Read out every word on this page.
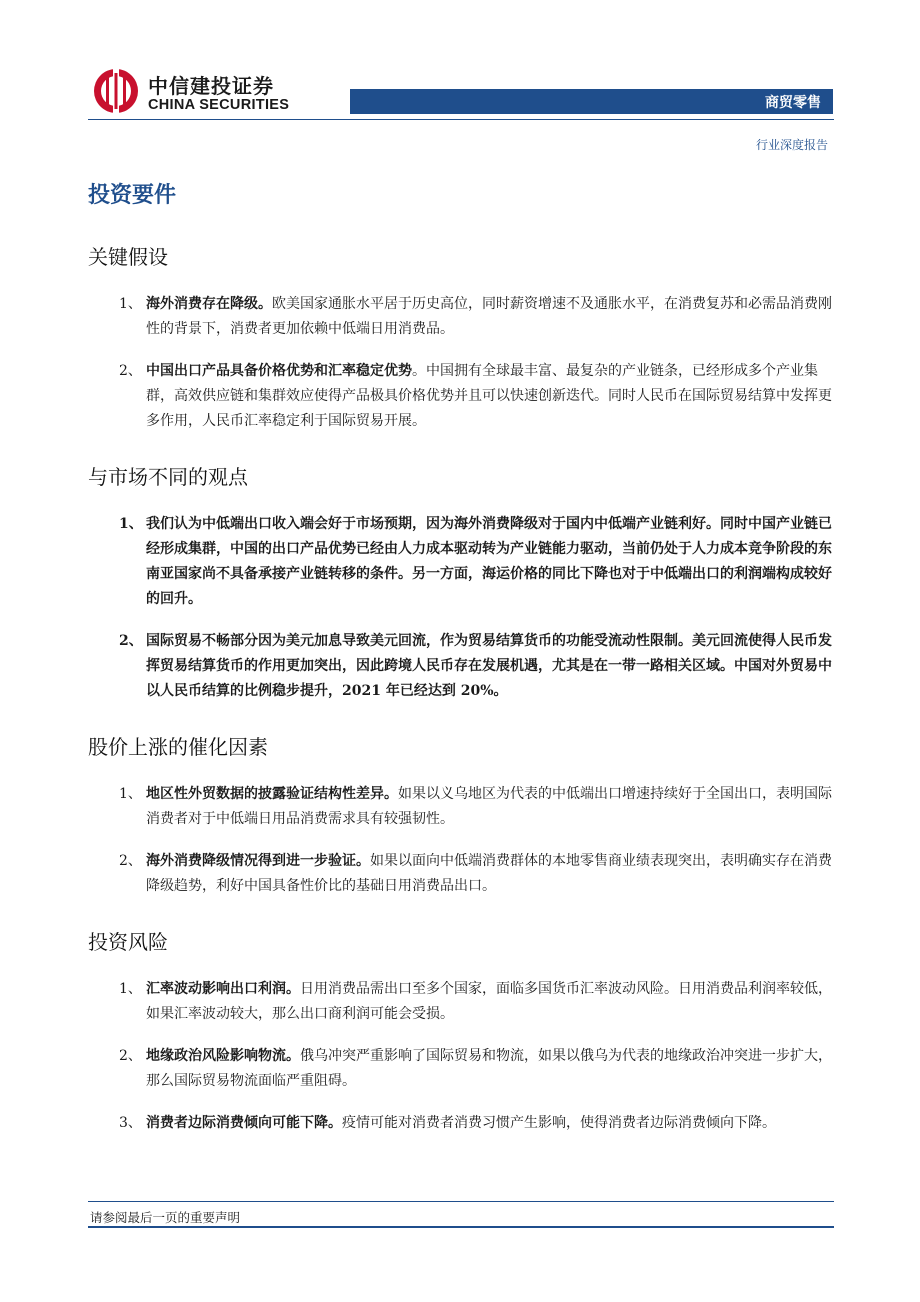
中信建投证券
CHINA SECURITIES	商贸零售
行业深度报告
投资要件
关键假设
1、 海外消费存在降级。欧美国家通胀水平居于历史高位，同时薪资增速不及通胀水平，在消费复苏和必需品消费刚性的背景下，消费者更加依赖中低端日用消费品。
2、 中国出口产品具备价格优势和汇率稳定优势。中国拥有全球最丰富、最复杂的产业链条，已经形成多个产业集群，高效供应链和集群效应使得产品极具价格优势并且可以快速创新迭代。同时人民币在国际贸易结算中发挥更多作用，人民币汇率稳定利于国际贸易开展。
与市场不同的观点
1、 我们认为中低端出口收入端会好于市场预期，因为海外消费降级对于国内中低端产业链利好。同时中国产业链已经形成集群，中国的出口产品优势已经由人力成本驱动转为产业链能力驱动，当前仍处于人力成本竞争阶段的东南亚国家尚不具备承接产业链转移的条件。另一方面，海运价格的同比下降也对于中低端出口的利润端构成较好的回升。
2、 国际贸易不畅部分因为美元加息导致美元回流，作为贸易结算货币的功能受流动性限制。美元回流使得人民币发挥贸易结算货币的作用更加突出，因此跨境人民币存在发展机遇，尤其是在一带一路相关区域。中国对外贸易中以人民币结算的比例稳步提升，2021 年已经达到 20%。
股价上涨的催化因素
1、 地区性外贸数据的披露验证结构性差异。如果以义乌地区为代表的中低端出口增速持续好于全国出口，表明国际消费者对于中低端日用品消费需求具有较强韧性。
2、 海外消费降级情况得到进一步验证。如果以面向中低端消费群体的本地零售商业绩表现突出，表明确实存在消费降级趋势，利好中国具备性价比的基础日用消费品出口。
投资风险
1、 汇率波动影响出口利润。日用消费品需出口至多个国家，面临多国货币汇率波动风险。日用消费品利润率较低，如果汇率波动较大，那么出口商利润可能会受损。
2、 地缘政治风险影响物流。俄乌冲突严重影响了国际贸易和物流，如果以俄乌为代表的地缘政治冲突进一步扩大，那么国际贸易物流面临严重阻碍。
3、 消费者边际消费倾向可能下降。疫情可能对消费者消费习惯产生影响，使得消费者边际消费倾向下降。
请参阅最后一页的重要声明
